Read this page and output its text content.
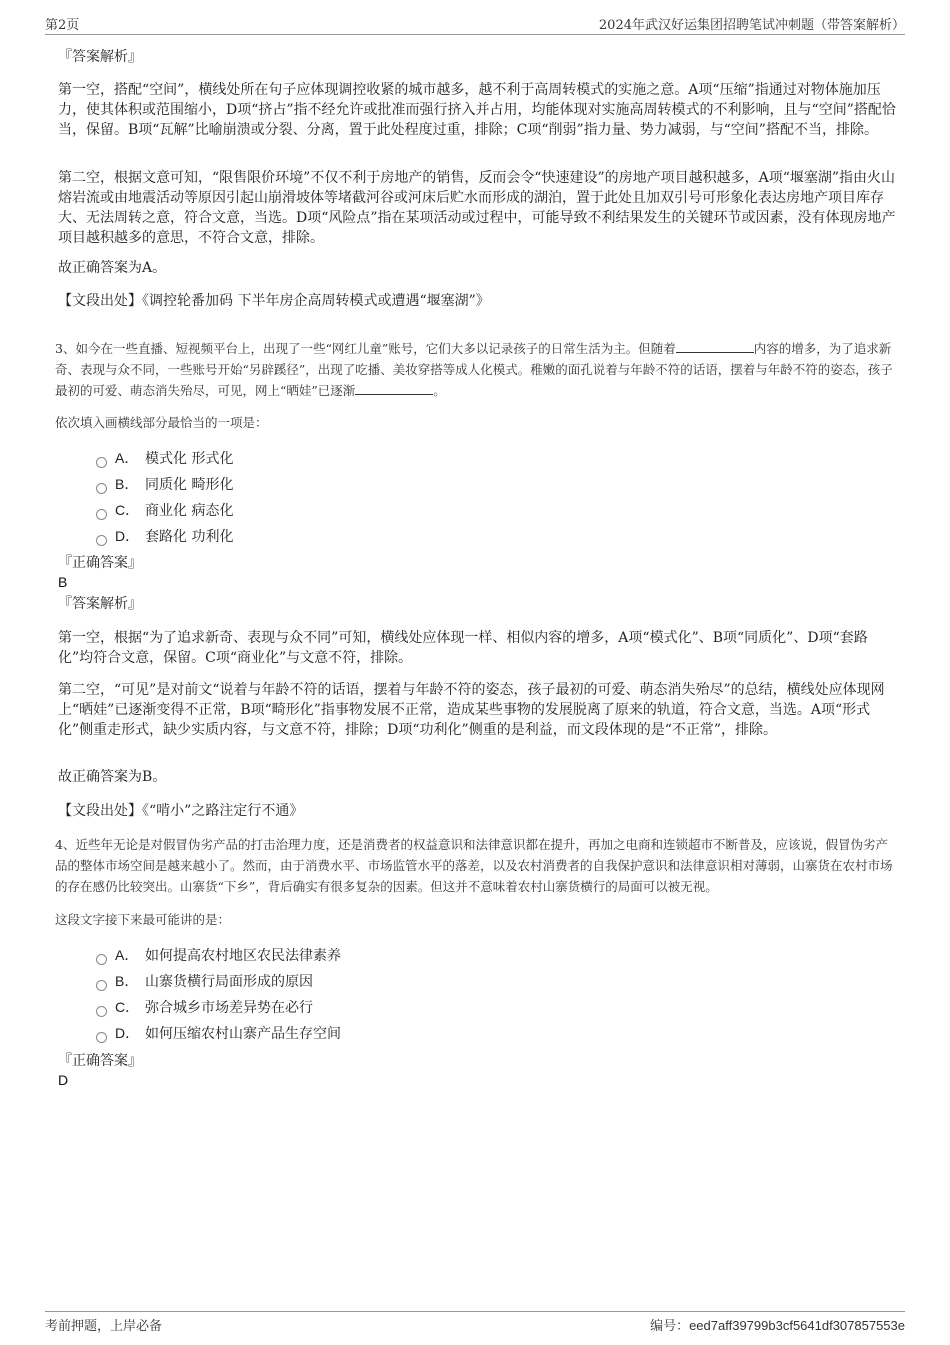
第2页	2024年武汉好运集团招聘笔试冲刺题（带答案解析）
『答案解析』
第一空，搭配“空间”，横线处所在句子应体现调控收紧的城市越多，越不利于高周转模式的实施之意。A项“压缩”指通过对物体施加压力，使其体积或范围缩小，D项“挤占”指不经允许或批准而强行挤入并占用，均能体现对实施高周转模式的不利影响，且与“空间”搭配恰当，保留。B项“瓦解”比喻崩溃或分裂、分离，置于此处程度过重，排除；C项“削弱”指力量、势力减弱，与“空间”搭配不当，排除。
第二空，根据文意可知，“限售限价环境”不仅不利于房地产的销售，反而会令“快速建设”的房地产项目越积越多，A项“堰塞湖”指由火山熔岩流或由地震活动等原因引起山崩滑坡体等堵截河谷或河床后贮水而形成的湖泊，置于此处且加双引号可形象化表达房地产项目库存大、无法周转之意，符合文意，当选。D项“风险点”指在某项活动或过程中，可能导致不利结果发生的关键环节或因素，没有体现房地产项目越积越多的意思，不符合文意，排除。
故正确答案为A。
【文段出处】《调控轮番加码 下半年房企高周转模式或遭遇“堰塞湖”》
3、如今在一些直播、短视频平台上，出现了一些“网红儿童”账号，它们大多以记录孩子的日常生活为主。但随着	内容的增多，为了追求新奇、表现与众不同，一些账号开始“另辟蹊径”，出现了吃播、美妆穿搭等成人化模式。稚嫩的面孔说着与年龄不符的话语，摆着与年龄不符的姿态，孩子最初的可爱、萌态消失殆尽，可见，网上“晒娃”已逐渐	。
依次填入画横线部分最恰当的一项是：
A． 模式化 形式化
B． 同质化 畸形化
C． 商业化 病态化
D． 套路化 功利化
『正确答案』
B
『答案解析』
第一空，根据“为了追求新奇、表现与众不同”可知，横线处应体现一样、相似内容的增多，A项“模式化”、B项“同质化”、D项“套路化”均符合文意，保留。C项“商业化”与文意不符，排除。
第二空，“可见”是对前文“说着与年龄不符的话语，摆着与年龄不符的姿态，孩子最初的可爱、萌态消失殆尽”的总结，横线处应体现网上“晒娃”已逐渐变得不正常，B项“畸形化”指事物发展不正常，造成某些事物的发展脱离了原来的轨道，符合文意，当选。A项“形式化”侧重走形式，缺少实质内容，与文意不符，排除；D项“功利化”侧重的是利益，而文段体现的是“不正常”，排除。
故正确答案为B。
【文段出处】《“啃小”之路注定行不通》
4、近些年无论是对假冒伪劣产品的打击治理力度，还是消费者的权益意识和法律意识都在提升，再加之电商和连锁超市不断普及，应该说，假冒伪劣产品的整体市场空间是越来越小了。然而，由于消费水平、市场监管水平的落差，以及农村消费者的自我保护意识和法律意识相对薄弱，山寨货在农村市场的存在感仍比较突出。山寨货“下乡”，背后确实有很多复杂的因素。但这并不意味着农村山寨货横行的局面可以被无视。
这段文字接下来最可能讲的是：
A． 如何提高农村地区农民法律素养
B． 山寨货横行局面形成的原因
C． 弥合城乡市场差异势在必行
D． 如何压缩农村山寨产品生存空间
『正确答案』
D
考前押题，上岸必备	编号：eed7aff39799b3cf5641df307857553e
